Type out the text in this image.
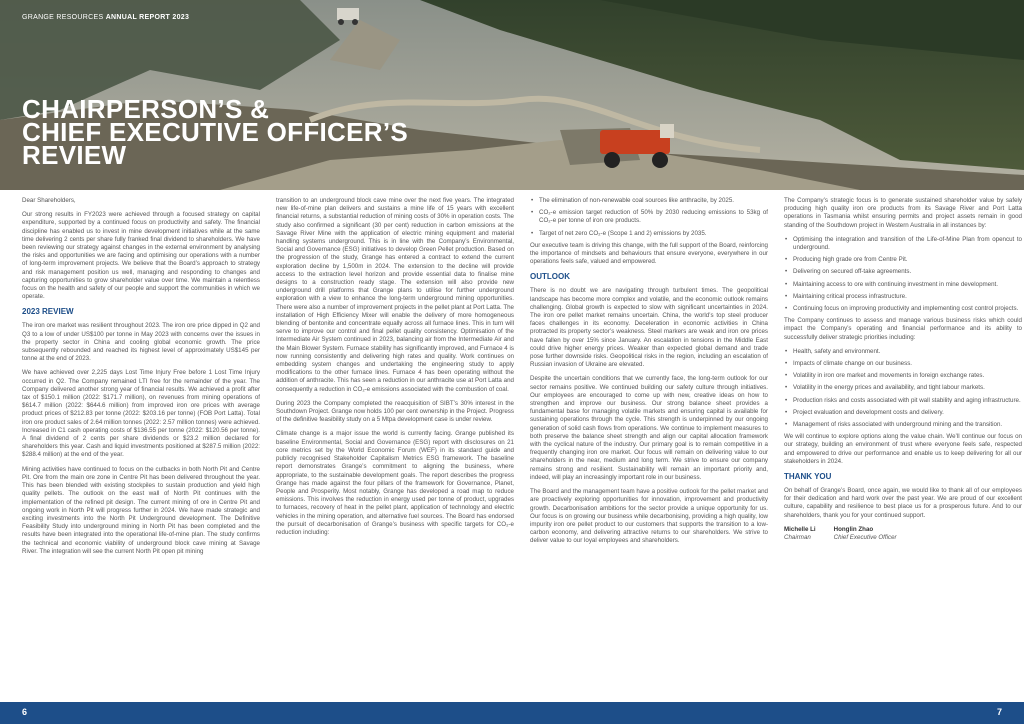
GRANGE RESOURCES ANNUAL REPORT 2023
CHAIRPERSON’S &
CHIEF EXECUTIVE OFFICER’S
REVIEW

Dear Shareholders,

Our strong results in FY2023 were achieved through a focused strategy on capital expenditure, supported by a continued focus on productivity and safety. The financial discipline has enabled us to invest in mine development initiatives while at the same time delivering 2 cents per share fully franked final dividend to shareholders. We have been reviewing our strategy against changes in the external environment by analysing the risks and opportunities we are facing and optimising our operations with a number of long-term improvement projects. We believe that the Board’s approach to strategy and risk management position us well, managing and responding to changes and capturing opportunities to grow shareholder value over time. We maintain a relentless focus on the health and safety of our people and support the communities in which we operate.

2023 REVIEW

The iron ore market was resilient throughout 2023. The iron ore price dipped in Q2 and Q3 to a low of under US$100 per tonne in May 2023 with concerns over the issues in the property sector in China and cooling global economic growth. The price subsequently rebounded and reached its highest level of approximately US$145 per tonne at the end of 2023.

We have achieved over 2,225 days Lost Time Injury Free before 1 Lost Time Injury occurred in Q2. The Company remained LTI free for the remainder of the year. The Company delivered another strong year of financial results. We achieved a profit after tax of $150.1 million (2022: $171.7 million), on revenues from mining operations of $614.7 million (2022: $644.6 million) from improved iron ore prices with average product prices of $212.83 per tonne (2022: $203.16 per tonne) (FOB Port Latta). Total iron ore product sales of 2.64 million tonnes (2022: 2.57 million tonnes) were achieved. Increased in C1 cash operating costs of $136.55 per tonne (2022: $120.56 per tonne). A final dividend of 2 cents per share dividends or $23.2 million declared for shareholders this year. Cash and liquid investments positioned at $287.5 million (2022: $288.4 million) at the end of the year.

Mining activities have continued to focus on the cutbacks in both North Pit and Centre Pit. Ore from the main ore zone in Centre Pit has been delivered throughout the year. This has been blended with existing stockpiles to sustain production and yield high quality pellets. The outlook on the east wall of North Pit continues with the implementation of the refined pit design. The current mining of ore in Centre Pit and ongoing work in North Pit will progress further in 2024. We have made strategic and exciting investments into the North Pit Underground development. The Definitive Feasibility Study into underground mining in North Pit has been completed and the results have been integrated into the operational life-of-mine plan. The study confirms the technical and economic viability of underground block cave mining at Savage River. The integration will see the current North Pit open pit mining

transition to an underground block cave mine over the next five years. The integrated new life-of-mine plan delivers and sustains a mine life of 15 years with excellent financial returns, a substantial reduction of mining costs of 30% in operation costs. The study also confirmed a significant (30 per cent) reduction in carbon emissions at the Savage River Mine with the application of electric mining equipment and material handling systems underground. This is in line with the Company’s Environmental, Social and Governance (ESG) initiatives to develop Green Pellet production. Based on the progression of the study, Grange has entered a contract to extend the current exploration decline by 1,500m in 2024. The extension to the decline will provide access to the extraction level horizon and provide essential data to finalise mine designs to a construction ready stage. The extension will also provide new underground drill platforms that Grange plans to utilise for further underground exploration with a view to enhance the long-term underground mining opportunities. There were also a number of improvement projects in the pellet plant at Port Latta. The installation of High Efficiency Mixer will enable the delivery of more homogeneous blending of bentonite and concentrate equally across all furnace lines. This in turn will serve to improve our control and final pellet quality consistency. Optimisation of the Intermediate Air System continued in 2023, balancing air from the Intermediate Air and the Main Blower System. Furnace stability has significantly improved, and Furnace 4 is now running consistently and delivering high rates and quality. Work continues on embedding system changes and undertaking the engineering study to apply modifications to the other furnace lines. Furnace 4 has been operating without the addition of anthracite. This has seen a reduction in our anthracite use at Port Latta and consequently a reduction in CO₂-e emissions associated with the combustion of coal.

During 2023 the Company completed the reacquisition of SIBT’s 30% interest in the Southdown Project. Grange now holds 100 per cent ownership in the Project. Progress of the definitive feasibility study on a 5 Mtpa development case is under review.

Climate change is a major issue the world is currently facing. Grange published its baseline Environmental, Social and Governance (ESG) report with disclosures on 21 core metrics set by the World Economic Forum (WEF) in its standard guide and publicly recognised Stakeholder Capitalism Metrics ESG framework. The baseline report demonstrates Grange’s commitment to aligning the business, where appropriate, to the sustainable development goals. The report describes the progress Grange has made against the four pillars of the framework for Governance, Planet, People and Prosperity. Most notably, Grange has developed a road map to reduce emissions. This involves the reduction in energy used per tonne of product, upgrades to furnaces, recovery of heat in the pellet plant, application of technology and electric vehicles in the mining operation, and alternative fuel sources. The Board has endorsed the pursuit of decarbonisation of Grange’s business with specific targets for CO₂-e reduction including:

• The elimination of non-renewable coal sources like anthracite, by 2025.
• CO₂-e emission target reduction of 50% by 2030 reducing emissions to 53kg of CO₂-e per tonne of iron ore products.
• Target of net zero CO₂-e (Scope 1 and 2) emissions by 2035.

Our executive team is driving this change, with the full support of the Board, reinforcing the importance of mindsets and behaviours that ensure everyone, everywhere in our operations feels safe, valued and empowered.

OUTLOOK

There is no doubt we are navigating through turbulent times. The geopolitical landscape has become more complex and volatile, and the economic outlook remains challenging. Global growth is expected to slow with significant uncertainties in 2024. The iron ore pellet market remains uncertain. China, the world’s top steel producer faces challenges in its economy. Deceleration in economic activities in China protracted its property sector’s weakness. Steel markers are weak and iron ore prices have fallen by over 15% since January. An escalation in tensions in the Middle East could drive higher energy prices. Weaker than expected global demand and trade pose further downside risks. Geopolitical risks in the region, including an escalation of Russian invasion of Ukraine are elevated.

Despite the uncertain conditions that we currently face, the long-term outlook for our sector remains positive. We continued building our safety culture through initiatives. Our employees are encouraged to come up with new, creative ideas on how to strengthen and improve our business. Our strong balance sheet provides a fundamental base for managing volatile markets and ensuring capital is available for sustaining operations through the cycle. This strength is underpinned by our ongoing generation of solid cash flows from operations. We continue to implement measures to both preserve the balance sheet strength and align our capital allocation framework with the cyclical nature of the industry. Our primary goal is to remain competitive in a frequently changing iron ore market. Our focus will remain on delivering value to our shareholders in the near, medium and long term. We strive to ensure our company remains strong and resilient. Sustainability will remain an important priority and, indeed, will play an increasingly important role in our business.

The Board and the management team have a positive outlook for the pellet market and are proactively exploring opportunities for innovation, improvement and productivity growth. Decarbonisation ambitions for the sector provide a unique opportunity for us. Our focus is on growing our business while decarbonising, providing a high quality, low impurity iron ore pellet product to our customers that supports the transition to a low-carbon economy, and delivering attractive returns to our shareholders. We strive to deliver value to our loyal employees and shareholders.

The Company’s strategic focus is to generate sustained shareholder value by safely producing high quality iron ore products from its Savage River and Port Latta operations in Tasmania whilst ensuring permits and project assets remain in good standing of the Southdown project in Western Australia in all instances by:

• Optimising the integration and transition of the Life-of-Mine Plan from opencut to underground.
• Producing high grade ore from Centre Pit.
• Delivering on secured off-take agreements.
• Maintaining access to ore with continuing investment in mine development.
• Maintaining critical process infrastructure.
• Continuing focus on improving productivity and implementing cost control projects.

The Company continues to assess and manage various business risks which could impact the Company’s operating and financial performance and its ability to successfully deliver strategic priorities including:

• Health, safety and environment.
• Impacts of climate change on our business.
• Volatility in iron ore market and movements in foreign exchange rates.
• Volatility in the energy prices and availability, and tight labour markets.
• Production risks and costs associated with pit wall stability and aging infrastructure.
• Project evaluation and development costs and delivery.
• Management of risks associated with underground mining and the transition.

We will continue to explore options along the value chain. We’ll continue our focus on our strategy, building an environment of trust where everyone feels safe, respected and empowered to drive our performance and enable us to keep delivering for all our stakeholders in 2024.

THANK YOU

On behalf of Grange’s Board, once again, we would like to thank all of our employees for their dedication and hard work over the past year. We are proud of our excellent culture, capability and resilience to best place us for a prosperous future. And to our shareholders, thank you for your continued support.

Michelle Li
Chairman
Honglin Zhao
Chief Executive Officer
6	7
